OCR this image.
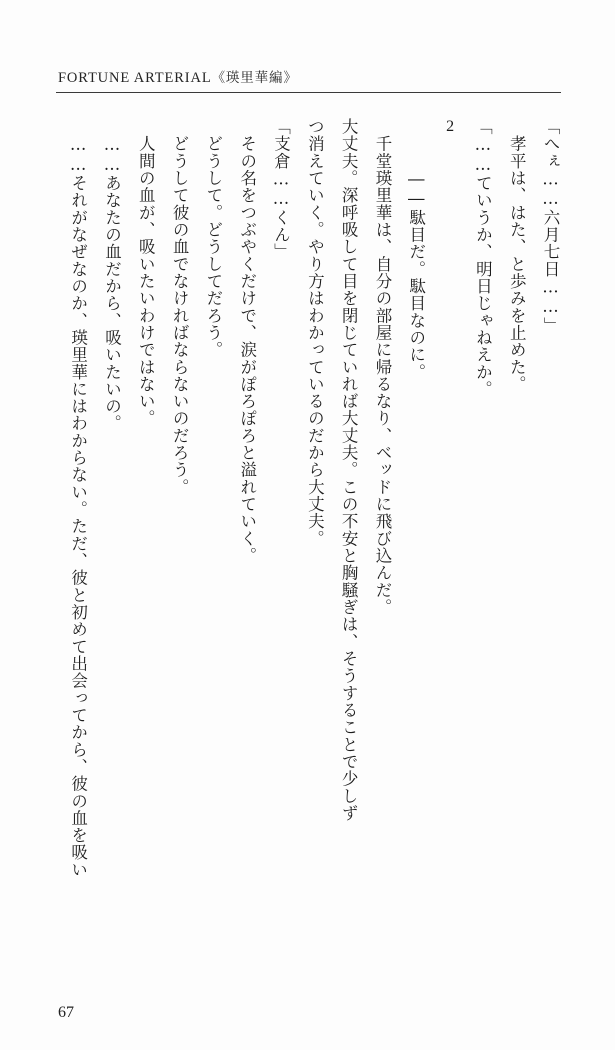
FORTUNE ARTERIAL《瑛里華編》

「へぇ……六月七日……」

　孝平は、はた、と歩みを止めた。

「……ていうか、明日じゃねえか。

2

　　　――駄目だ。駄目なのに。

　千堂瑛里華は、自分の部屋に帰るなり、ベッドに飛び込んだ。

大丈夫。深呼吸して目を閉じていれば大丈夫。この不安と胸騒ぎは、そうすることで少しず

つ消えていく。やり方はわかっているのだから大丈夫。

「支倉……くん」

　その名をつぶやくだけで、涙がぽろぽろと溢れていく。

　どうして。どうしてだろう。

　どうして彼の血でなければならないのだろう。

　人間の血が、吸いたいわけではない。

　……あなたの血だから、吸いたいの。

　……それがなぜなのか、瑛里華にはわからない。ただ、彼と初めて出会ってから、彼の血を吸い

67
